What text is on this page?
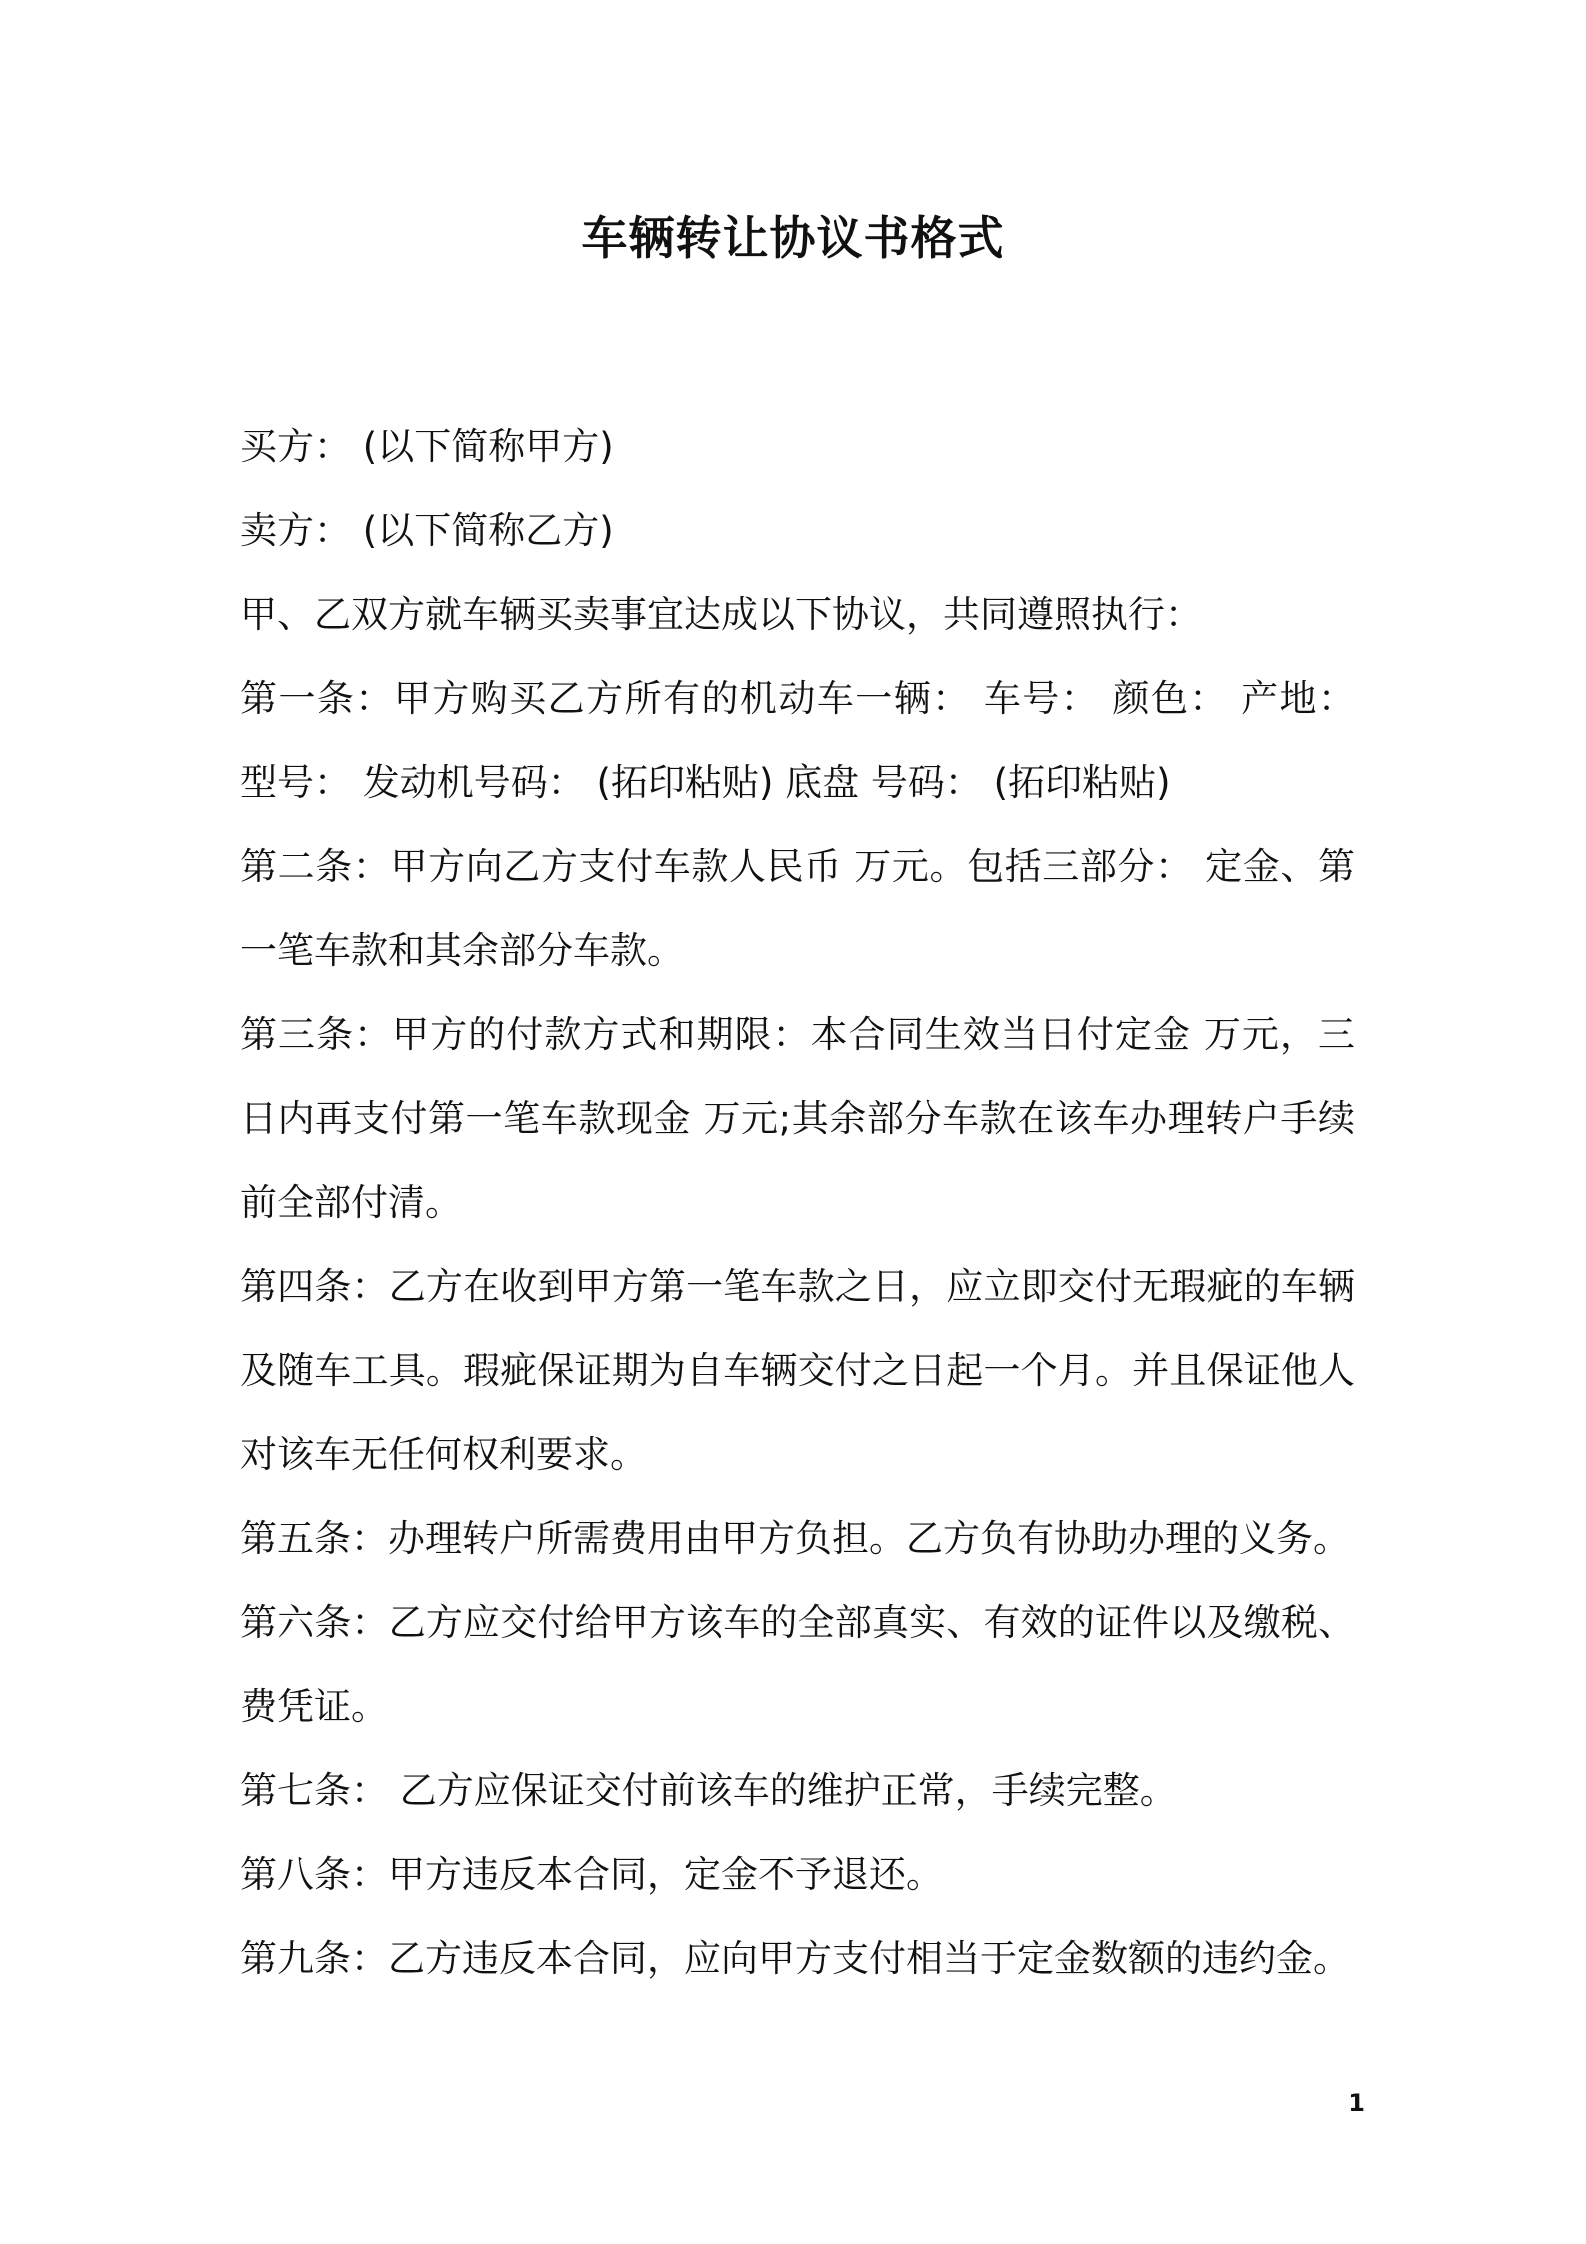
车辆转让协议书格式

买方： (以下简称甲方)

卖方： (以下简称乙方)

甲、乙双方就车辆买卖事宜达成以下协议，共同遵照执行：

第一条：甲方购买乙方所有的机动车一辆： 车号： 颜色： 产地： 型号： 发动机号码： (拓印粘贴) 底盘 号码： (拓印粘贴)

第二条：甲方向乙方支付车款人民币 万元。包括三部分： 定金、第一笔车款和其余部分车款。

第三条：甲方的付款方式和期限：本合同生效当日付定金 万元，三日内再支付第一笔车款现金 万元;其余部分车款在该车办理转户手续前全部付清。

第四条：乙方在收到甲方第一笔车款之日，应立即交付无瑕疵的车辆及随车工具。瑕疵保证期为自车辆交付之日起一个月。并且保证他人对该车无任何权利要求。

第五条：办理转户所需费用由甲方负担。乙方负有协助办理的义务。

第六条：乙方应交付给甲方该车的全部真实、有效的证件以及缴税、费凭证。

第七条： 乙方应保证交付前该车的维护正常，手续完整。

第八条：甲方违反本合同，定金不予退还。

第九条：乙方违反本合同，应向甲方支付相当于定金数额的违约金。

1
